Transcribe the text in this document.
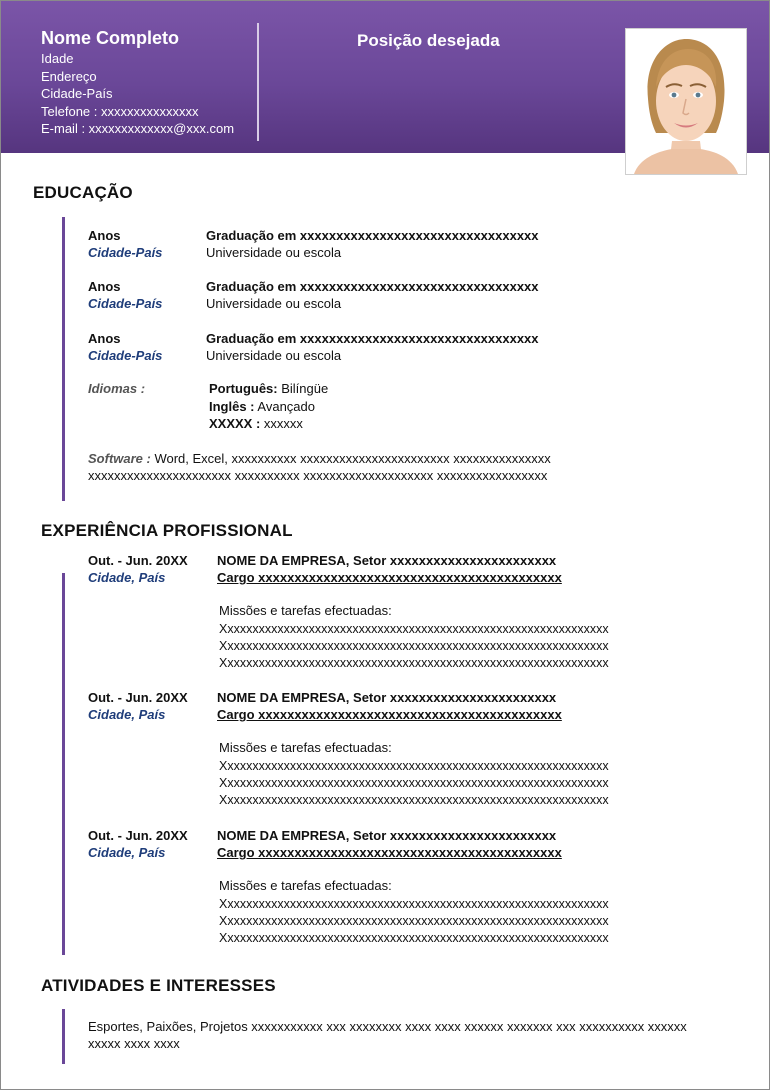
Nome Completo
Idade
Endereço
Cidade-País
Telefone : xxxxxxxxxxxxxxx
E-mail : xxxxxxxxxxxxx@xxx.com
Posição desejada
EDUCAÇÃO
Anos
Cidade-País
Graduação em xxxxxxxxxxxxxxxxxxxxxxxxxxxxxxxxx
Universidade ou escola
Anos
Cidade-País
Graduação em xxxxxxxxxxxxxxxxxxxxxxxxxxxxxxxxx
Universidade ou escola
Anos
Cidade-País
Graduação em xxxxxxxxxxxxxxxxxxxxxxxxxxxxxxxxx
Universidade ou escola
Idiomas :	Português: Bilíngüe
Inglês : Avançado
XXXXX : xxxxxx
Software : Word, Excel, xxxxxxxxxx xxxxxxxxxxxxxxxxxxxxxxx xxxxxxxxxxxxxxx xxxxxxxxxxxxxxxxxxxxxx xxxxxxxxxx xxxxxxxxxxxxxxxxxxxx xxxxxxxxxxxxxxxxx
EXPERIÊNCIA PROFISSIONAL
Out. - Jun. 20XX
Cidade, País
NOME DA EMPRESA, Setor xxxxxxxxxxxxxxxxxxxxxxx
Cargo xxxxxxxxxxxxxxxxxxxxxxxxxxxxxxxxxxxxxxxxxx
Missões e tarefas efectuadas:
Xxxxxxxxxxxxxxxxxxxxxxxxxxxxxxxxxxxxxxxxxxxxxxxxxxxxxxxxxxxxxx
Xxxxxxxxxxxxxxxxxxxxxxxxxxxxxxxxxxxxxxxxxxxxxxxxxxxxxxxxxxxxxx
Xxxxxxxxxxxxxxxxxxxxxxxxxxxxxxxxxxxxxxxxxxxxxxxxxxxxxxxxxxxxxx
Out. - Jun. 20XX
Cidade, País
NOME DA EMPRESA, Setor xxxxxxxxxxxxxxxxxxxxxxx
Cargo xxxxxxxxxxxxxxxxxxxxxxxxxxxxxxxxxxxxxxxxxx
Missões e tarefas efectuadas:
Xxxxxxxxxxxxxxxxxxxxxxxxxxxxxxxxxxxxxxxxxxxxxxxxxxxxxxxxxxxxxx
Xxxxxxxxxxxxxxxxxxxxxxxxxxxxxxxxxxxxxxxxxxxxxxxxxxxxxxxxxxxxxx
Xxxxxxxxxxxxxxxxxxxxxxxxxxxxxxxxxxxxxxxxxxxxxxxxxxxxxxxxxxxxxx
Out. - Jun. 20XX
Cidade, País
NOME DA EMPRESA, Setor xxxxxxxxxxxxxxxxxxxxxxx
Cargo xxxxxxxxxxxxxxxxxxxxxxxxxxxxxxxxxxxxxxxxxx
Missões e tarefas efectuadas:
Xxxxxxxxxxxxxxxxxxxxxxxxxxxxxxxxxxxxxxxxxxxxxxxxxxxxxxxxxxxxxx
Xxxxxxxxxxxxxxxxxxxxxxxxxxxxxxxxxxxxxxxxxxxxxxxxxxxxxxxxxxxxxx
Xxxxxxxxxxxxxxxxxxxxxxxxxxxxxxxxxxxxxxxxxxxxxxxxxxxxxxxxxxxxxx
ATIVIDADES E INTERESSES
Esportes, Paixões, Projetos xxxxxxxxxxx xxx xxxxxxxx xxxx xxxx xxxxxx xxxxxxx xxx xxxxxxxxxx xxxxxx xxxxx xxxx xxxx
